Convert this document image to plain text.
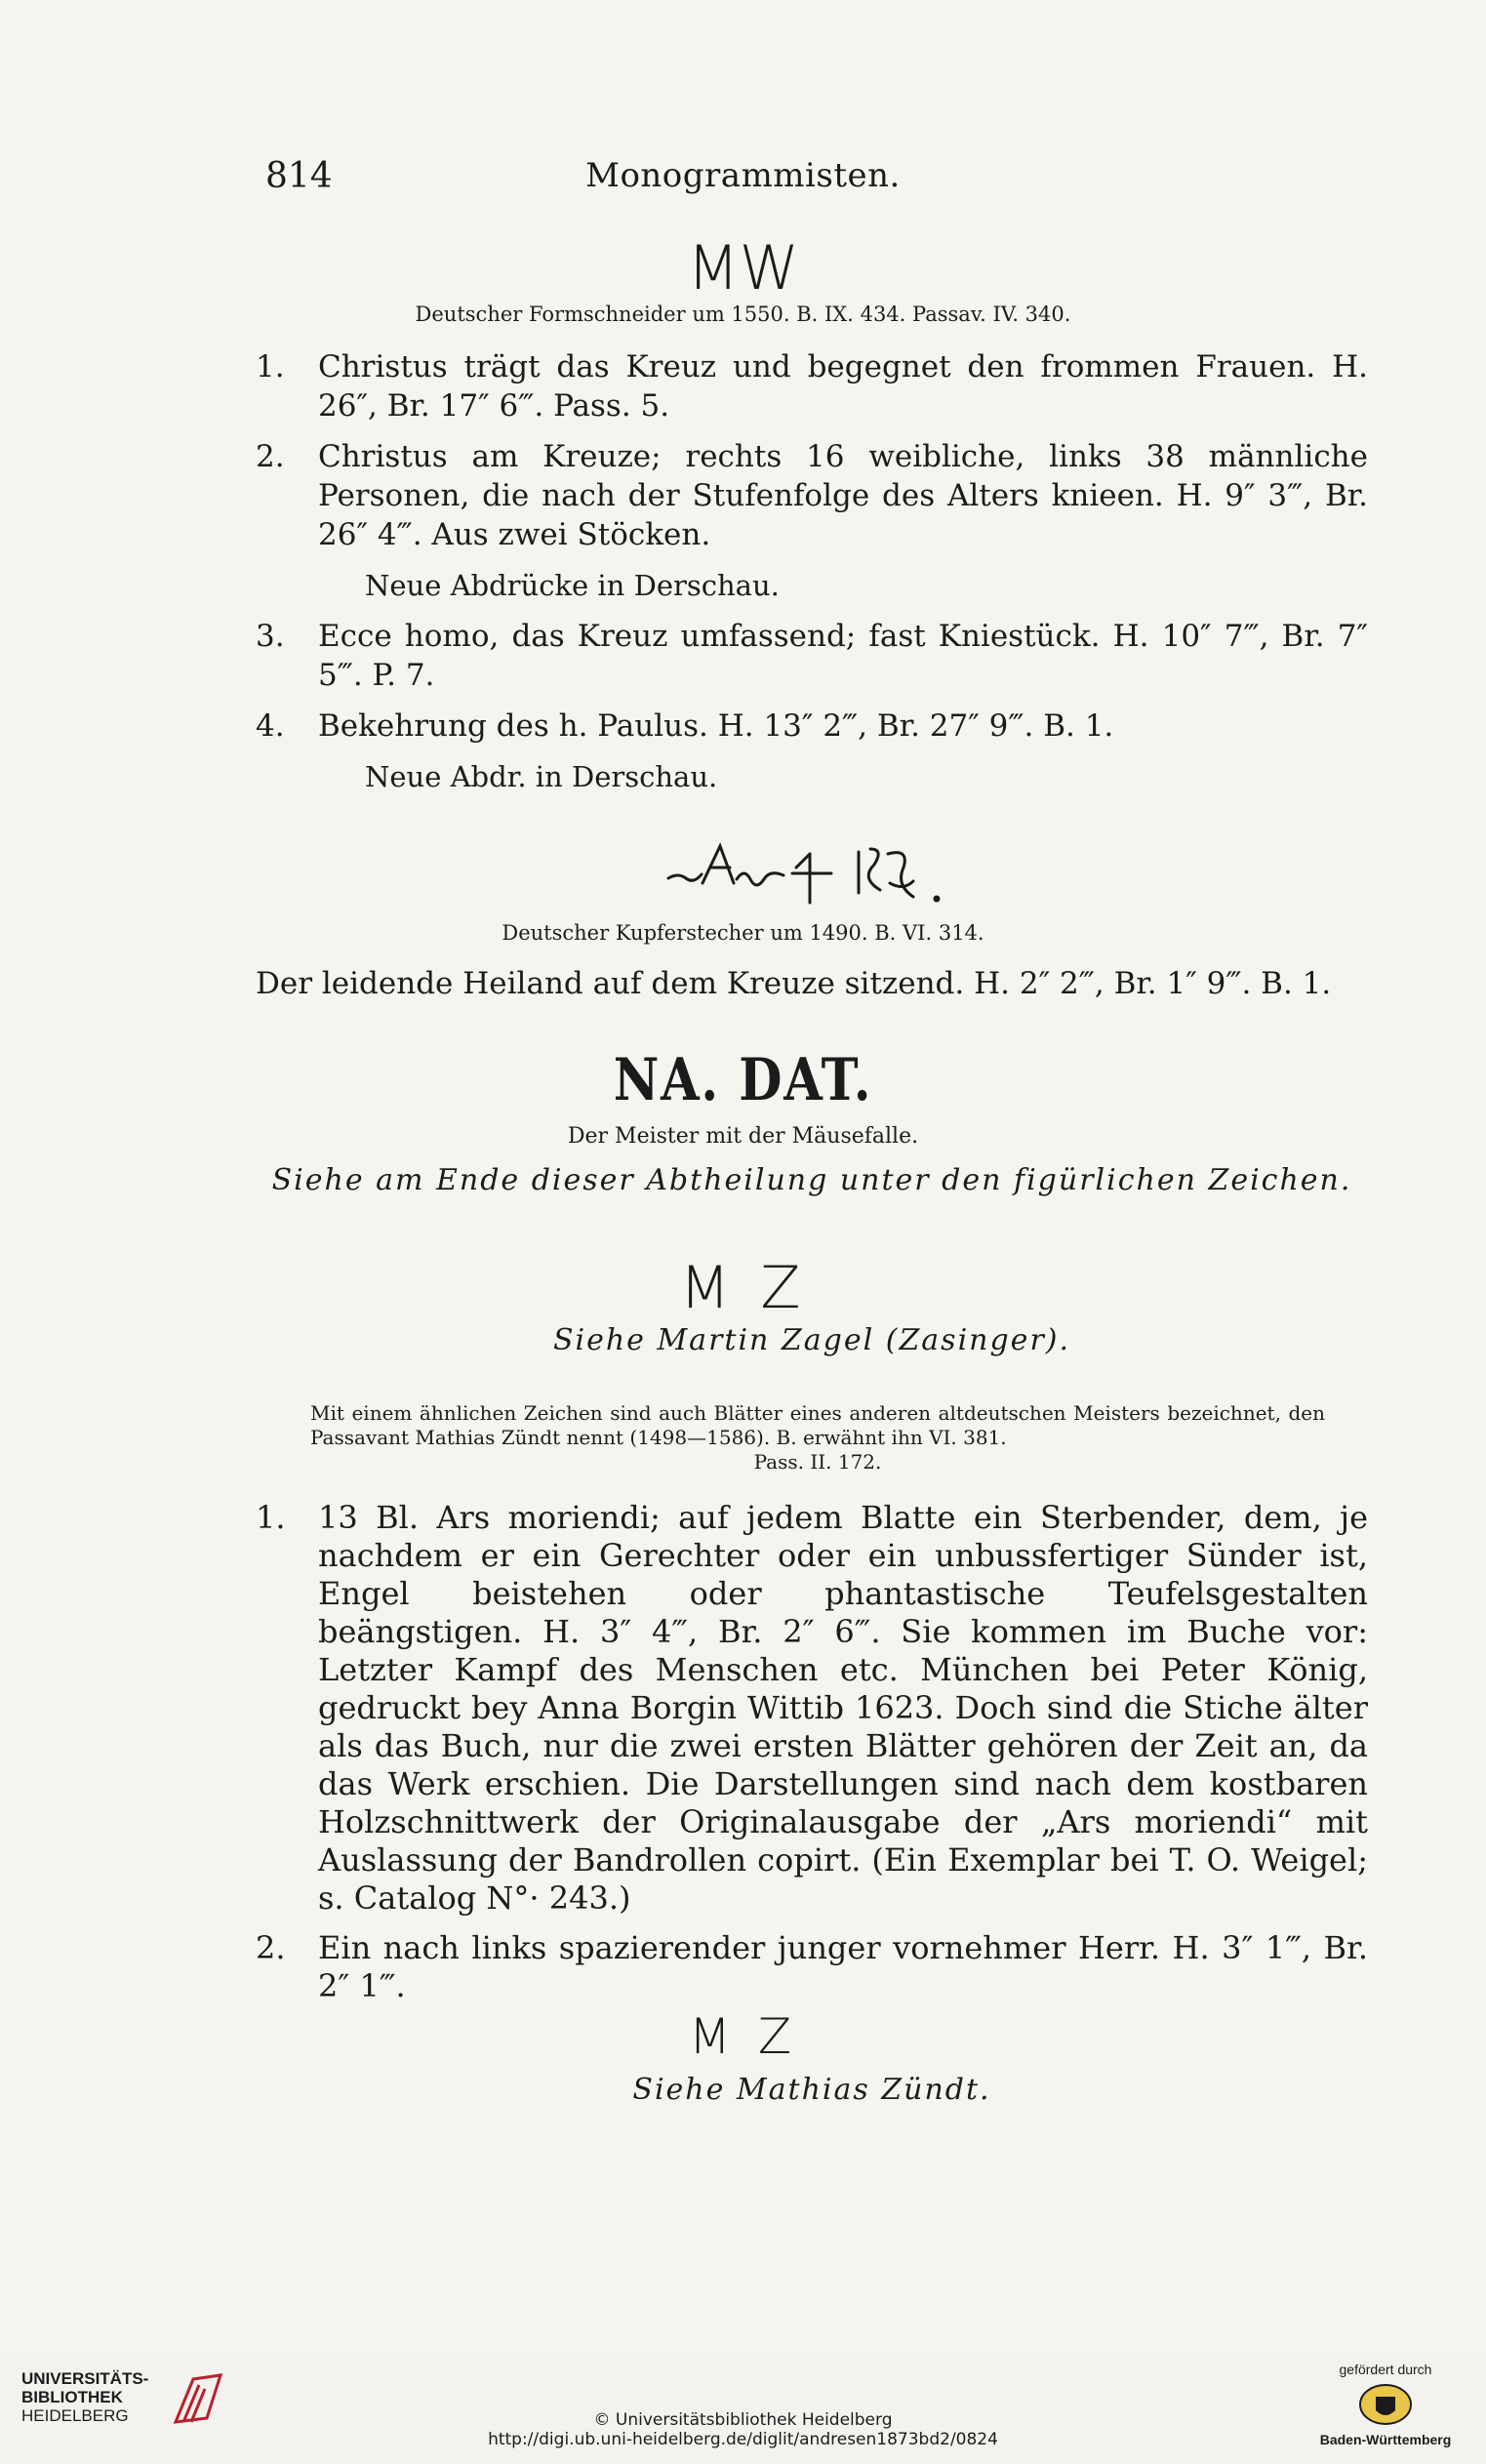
814	Monogrammisten.
MW
Deutscher Formschneider um 1550. B. IX. 434. Passav. IV. 340.
1.	Christus trägt das Kreuz und begegnet den frommen Frauen. H. 26″, Br. 17″ 6‴. Pass. 5.
2.	Christus am Kreuze; rechts 16 weibliche, links 38 männliche Personen, die nach der Stufenfolge des Alters knieen. H. 9″ 3‴, Br. 26″ 4‴. Aus zwei Stöcken.
Neue Abdrücke in Derschau.
3.	Ecce homo, das Kreuz umfassend; fast Kniestück. H. 10″ 7‴, Br. 7″ 5‴. P. 7.
4.	Bekehrung des h. Paulus. H. 13″ 2‴, Br. 27″ 9‴. B. 1.
Neue Abdr. in Derschau.
Deutscher Kupferstecher um 1490. B. VI. 314.
Der leidende Heiland auf dem Kreuze sitzend. H. 2″ 2‴, Br. 1″ 9‴. B. 1.
NA. DAT.
Der Meister mit der Mäusefalle.
Siehe am Ende dieser Abtheilung unter den figürlichen Zeichen.
M Z
Siehe Martin Zagel (Zasinger).
Mit einem ähnlichen Zeichen sind auch Blätter eines anderen altdeutschen Meisters bezeichnet, den Passavant Mathias Zündt nennt (1498—1586). B. erwähnt ihn VI. 381.
Pass. II. 172.
1.	13 Bl. Ars moriendi; auf jedem Blatte ein Sterbender, dem, je nachdem er ein Gerechter oder ein unbussfertiger Sünder ist, Engel beistehen oder phantastische Teufelsgestalten beängstigen. H. 3″ 4‴, Br. 2″ 6‴. Sie kommen im Buche vor: Letzter Kampf des Menschen etc. München bei Peter König, gedruckt bey Anna Borgin Wittib 1623. Doch sind die Stiche älter als das Buch, nur die zwei ersten Blätter gehören der Zeit an, da das Werk erschien. Die Darstellungen sind nach dem kostbaren Holzschnittwerk der Originalausgabe der „Ars moriendi“ mit Auslassung der Bandrollen copirt. (Ein Exemplar bei T. O. Weigel; s. Catalog N°· 243.)
2.	Ein nach links spazierender junger vornehmer Herr. H. 3″ 1‴, Br. 2″ 1‴.
M Z
Siehe Mathias Zündt.
UNIVERSITÄTS-
BIBLIOTHEK
HEIDELBERG	© Universitätsbibliothek Heidelberg
http://digi.ub.uni-heidelberg.de/diglit/andresen1873bd2/0824
gefördert durch
Baden-Württemberg
